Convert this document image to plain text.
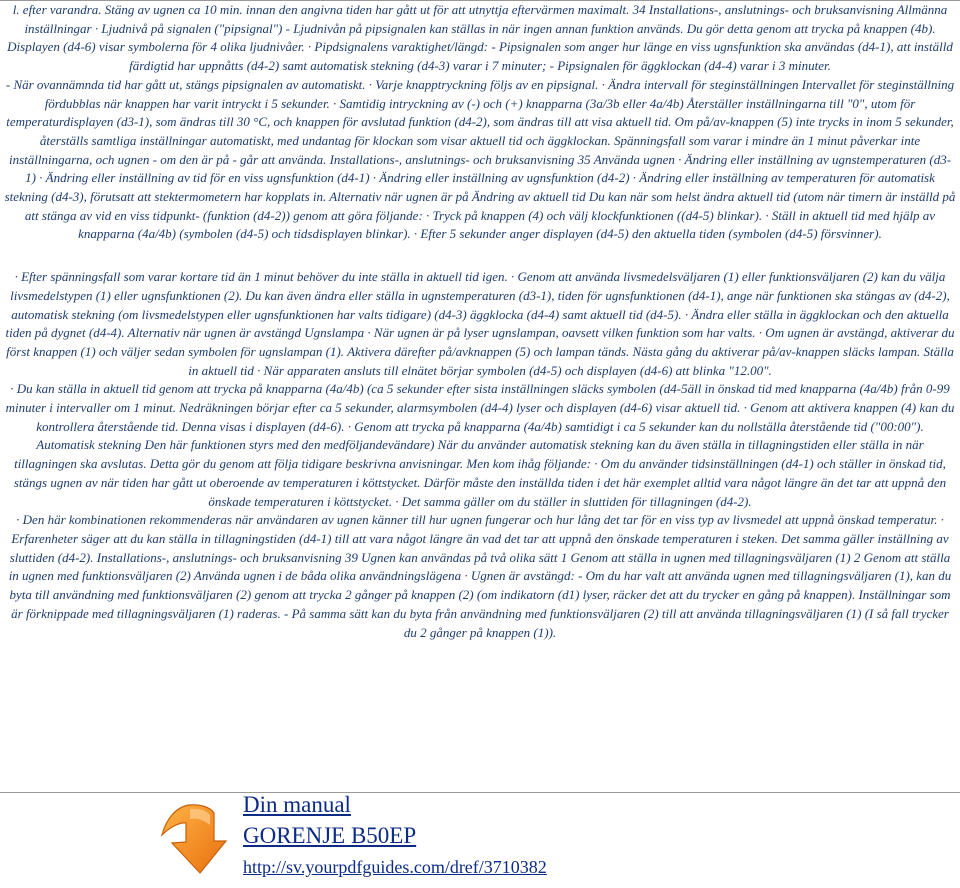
l. efter varandra. Stäng av ugnen ca 10 min. innan den angivna tiden har gått ut för att utnyttja eftervärmen maximalt. 34 Installations-, anslutnings- och bruksanvisning Allmänna inställningar · Ljudnivå på signalen ("pipsignal") - Ljudnivån på pipsignalen kan ställas in när ingen annan funktion används. Du gör detta genom att trycka på knappen (4b). Displayen (d4-6) visar symbolerna för 4 olika ljudnivåer. · Pipdsignalens varaktighet/längd: - Pipsignalen som anger hur länge en viss ugnsfunktion ska användas (d4-1), att inställd färdigtid har uppnåtts (d4-2) samt automatisk stekning (d4-3) varar i 7 minuter; - Pipsignalen för äggklockan (d4-4) varar i 3 minuter.

- När ovannämnda tid har gått ut, stängs pipsignalen av automatiskt. · Varje knapptryckning följs av en pipsignal. · Ändra intervall för steginställningen Intervallet för steginställning fördubblas när knappen har varit intryckt i 5 sekunder. · Samtidig intryckning av (-) och (+) knapparna (3a/3b eller 4a/4b) Återställer inställningarna till "0", utom för temperaturdisplayen (d3-1), som ändras till 30 °C, och knappen för avslutad funktion (d4-2), som ändras till att visa aktuell tid. Om på/av-knappen (5) inte trycks in inom 5 sekunder, återställs samtliga inställningar automatiskt, med undantag för klockan som visar aktuell tid och äggklockan. Spänningsfall som varar i mindre än 1 minut påverkar inte inställningarna, och ugnen - om den är på - går att använda. Installations-, anslutnings- och bruksanvisning 35 Använda ugnen · Ändring eller inställning av ugnstemperaturen (d3-1) · Ändring eller inställning av tid för en viss ugnsfunktion (d4-1) · Ändring eller inställning av ugnsfunktion (d4-2) · Ändring eller inställning av temperaturen för automatisk stekning (d4-3), förutsatt att stektermometern har kopplats in. Alternativ när ugnen är på Ändring av aktuell tid Du kan när som helst ändra aktuell tid (utom när timern är inställd på att stänga av vid en viss tidpunkt- (funktion (d4-2)) genom att göra följande: · Tryck på knappen (4) och välj klockfunktionen ((d4-5) blinkar). · Ställ in aktuell tid med hjälp av knapparna (4a/4b) (symbolen (d4-5) och tidsdisplayen blinkar). · Efter 5 sekunder anger displayen (d4-5) den aktuella tiden (symbolen (d4-5) försvinner).

· Efter spänningsfall som varar kortare tid än 1 minut behöver du inte ställa in aktuell tid igen. · Genom att använda livsmedelsväljaren (1) eller funktionsväljaren (2) kan du välja livsmedelstypen (1) eller ugnsfunktionen (2). Du kan även ändra eller ställa in ugnstemperaturen (d3-1), tiden för ugnsfunktionen (d4-1), ange när funktionen ska stängas av (d4-2), automatisk stekning (om livsmedelstypen eller ugnsfunktionen har valts tidigare) (d4-3) äggklocka (d4-4) samt aktuell tid (d4-5). · Ändra eller ställa in äggklockan och den aktuella tiden på dygnet (d4-4). Alternativ när ugnen är avstängd Ugnslampa · När ugnen är på lyser ugnslampan, oavsett vilken funktion som har valts. · Om ugnen är avstängd, aktiverar du först knappen (1) och väljer sedan symbolen för ugnslampan (1). Aktivera därefter på/avknappen (5) och lampan tänds. Nästa gång du aktiverar på/av-knappen släcks lampan. Ställa in aktuell tid · När apparaten ansluts till elnätet börjar symbolen (d4-5) och displayen (d4-6) att blinka "12.00".

· Du kan ställa in aktuell tid genom att trycka på knapparna (4a/4b) (ca 5 sekunder efter sista inställningen släcks symbolen (d4-5äll in önskad tid med knapparna (4a/4b) från 0-99 minuter i intervaller om 1 minut. Nedräkningen börjar efter ca 5 sekunder, alarmsymbolen (d4-4) lyser och displayen (d4-6) visar aktuell tid. · Genom att aktivera knappen (4) kan du kontrollera återstående tid. Denna visas i displayen (d4-6). · Genom att trycka på knapparna (4a/4b) samtidigt i ca 5 sekunder kan du nollställa återstående tid ("00:00").

Automatisk stekning Den här funktionen styrs med den medföljandevändare) När du använder automatisk stekning kan du även ställa in tillagningstiden eller ställa in när tillagningen ska avslutas. Detta gör du genom att följa tidigare beskrivna anvisningar. Men kom ihåg följande: · Om du använder tidsinställningen (d4-1) och ställer in önskad tid, stängs ugnen av när tiden har gått ut oberoende av temperaturen i köttstycket. Därför måste den inställda tiden i det här exemplet alltid vara något längre än det tar att uppnå den önskade temperaturen i köttstycket. · Det samma gäller om du ställer in sluttiden för tillagningen (d4-2).

· Den här kombinationen rekommenderas när användaren av ugnen känner till hur ugnen fungerar och hur lång det tar för en viss typ av livsmedel att uppnå önskad temperatur. · Erfarenheter säger att du kan ställa in tillagningstiden (d4-1) till att vara något längre än vad det tar att uppnå den önskade temperaturen i steken. Det samma gäller inställning av sluttiden (d4-2). Installations-, anslutnings- och bruksanvisning 39 Ugnen kan användas på två olika sätt 1 Genom att ställa in ugnen med tillagningsväljaren (1) 2 Genom att ställa in ugnen med funktionsväljaren (2) Använda ugnen i de båda olika användningslägena · Ugnen är avstängd: - Om du har valt att använda ugnen med tillagningsväljaren (1), kan du byta till användning med funktionsväljaren (2) genom att trycka 2 gånger på knappen (2) (om indikatorn (d1) lyser, räcker det att du trycker en gång på knappen). Inställningar som är förknippade med tillagningsväljaren (1) raderas. - På samma sätt kan du byta från användning med funktionsväljaren (2) till att använda tillagningsväljaren (1) (I så fall trycker du 2 gånger på knappen (1)).

Din manual
GORENJE B50EP
http://sv.yourpdfguides.com/dref/3710382
